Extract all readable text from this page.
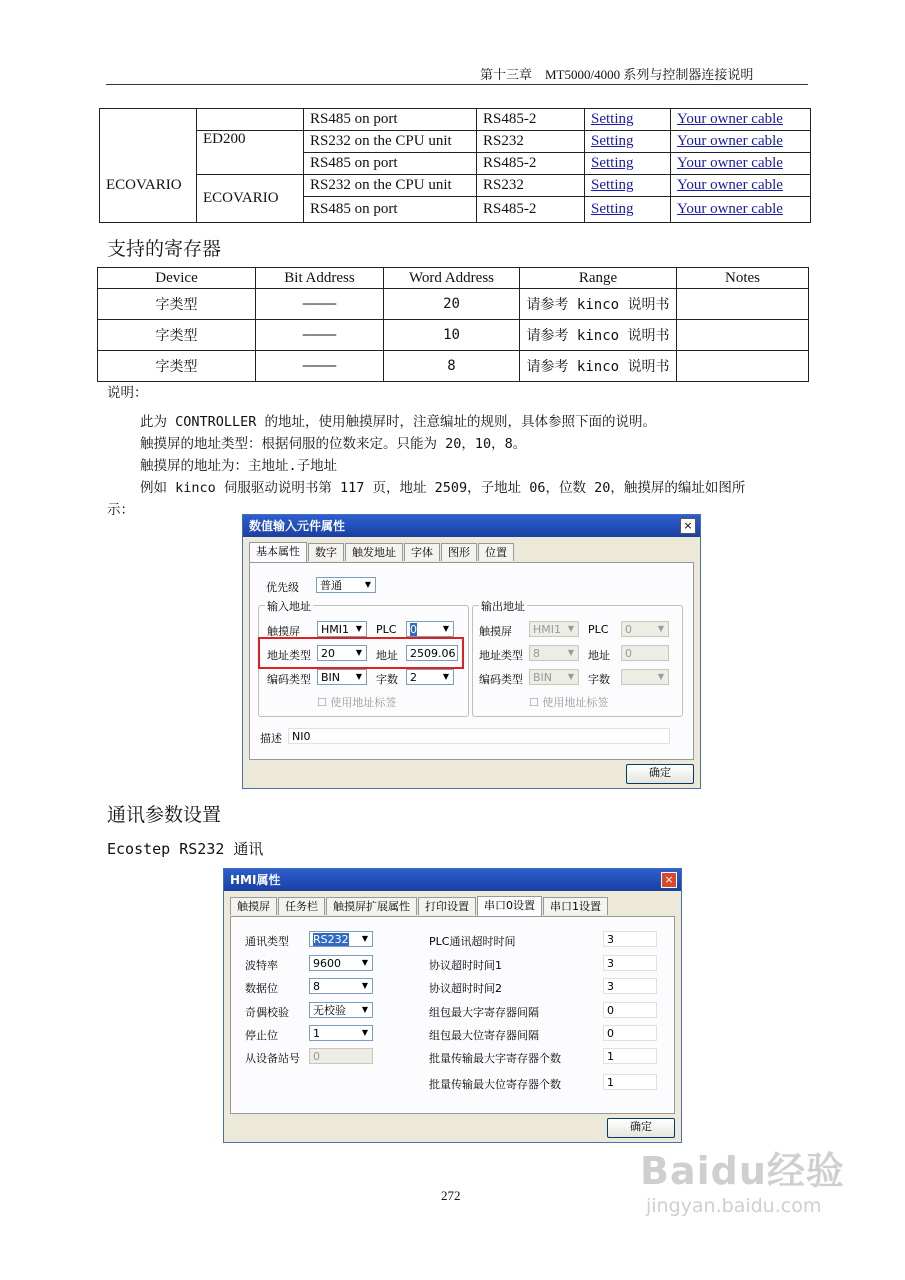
第十三章　MT5000/4000 系列与控制器连接说明
		RS485 on port	RS485-2	Setting	Your owner cable
	ED200	RS232 on the CPU unit	RS232	Setting	Your owner cable
		RS485 on port	RS485-2	Setting	Your owner cable
ECOVARIO	ECOVARIO	RS232 on the CPU unit	RS232	Setting	Your owner cable
		RS485 on port	RS485-2	Setting	Your owner cable
支持的寄存器
Device	Bit Address	Word Address	Range	Notes
字类型	————	20	请参考 kinco 说明书	
字类型	————	10	请参考 kinco 说明书	
字类型	————	8	请参考 kinco 说明书	
说明：
此为 CONTROLLER 的地址，使用触摸屏时，注意编址的规则，具体参照下面的说明。
触摸屏的地址类型：根据伺服的位数来定。只能为 20，10，8。
触摸屏的地址为：主地址.子地址
例如 kinco 伺服驱动说明书第 117 页，地址 2509，子地址 06，位数 20，触摸屏的编址如图所
示：
数值输入元件属性	×
基本属性 数字 触发地址 字体 图形 位置
优先级	普通	▼
输入地址
触摸屏	HMI1 ▼	PLC	0	▼
地址类型 20	▼	地址	2509.06
编码类型 BIN	▼	字数	2	▼
☐ 使用地址标签
输出地址
触摸屏	HMI1 ▼	PLC	0	▼
地址类型 8	▼	地址	0
编码类型 BIN	▼	字数	▼
☐ 使用地址标签
描述 NI0
确定
通讯参数设置
Ecostep RS232 通讯
HMI属性	×
触摸屏 任务栏 触摸屏扩展属性 打印设置 串口0设置 串口1设置
通讯类型	RS232	▼
波特率	9600	▼
数据位	8	▼
奇偶校验	无校验	▼
停止位	1	▼
从设备站号	0
PLC通讯超时时间	3
协议超时时间1	3
协议超时时间2	3
组包最大字寄存器间隔	0
组包最大位寄存器间隔	0
批量传输最大字寄存器个数	1
批量传输最大位寄存器个数	1
确定
272
Baidu经验
jingyan.baidu.com
